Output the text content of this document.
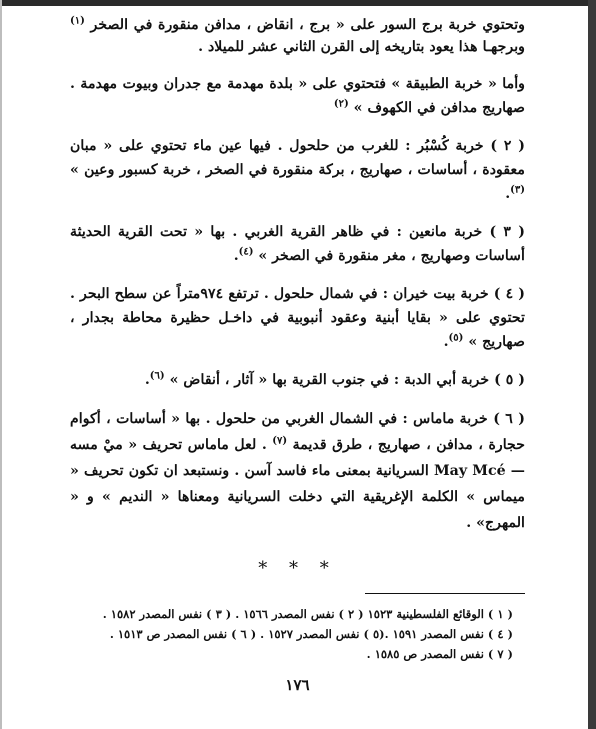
وتحتوي خربة برج السور على « برج ، انقاض ، مدافن منقورة في الصخر $^{(١)}$ وبرجهـا هذا يعود بتاريخه إلى القرن الثاني عشر للميلاد .

وأما « خربة الطبيقة » فتحتوي على « بلدة مهدمة مع جدران وبيوت مهدمة . صهاريج مدافن في الكهوف » $^{(٢)}$

( ٢ ) خربة كُسْبُر : للغرب من حلحول . فيها عين ماء تحتوي على « مبان معقودة ، أساسات ، صهاريج ، بركة منقورة في الصخر ، خربة كسبور وعين » $^{(٣)}$.

( ٣ ) خربة مانعين : في ظاهر القرية الغربي . بها « تحت القرية الحديثة أساسات وصهاريج ، مغر منقورة في الصخر » $^{(٤)}$.

( ٤ ) خربة بيت خيران : في شمال حلحول . ترتفع ٩٧٤متراً عن سطح البحر . تحتوي على « بقايا أبنية وعقود أنبوبية في داخـل حظيرة محاطة بجدار ، صهاريج » $^{(٥)}$.

( ٥ ) خربة أبي الدبة : في جنوب القرية بها « آثار ، أنقاض » $^{(٦)}$.

( ٦ ) خربة ماماس : في الشمال الغربي من حلحول . بها « أساسات ، أكوام حجارة ، مدافن ، صهاريج ، طرق قديمة $^{(٧)}$ . لعل ماماس تحريف « ميْ مسه — May Mcé السريانية بمعنى ماء فاسد آسن . ونستبعد ان تكون تحريف « ميماس » الكلمة الإغريقية التي دخلت السريانية ومعناها « النديم » و « المهرج» .

* * *
( ١ ) الوقائع الفلسطينية ١٥٢٣ ( ٢ ) نفس المصدر ١٥٦٦ . ( ٣ ) نفس المصدر ١٥٨٢ .
( ٤ ) نفس المصدر ١٥٩١ .(٥ ) نفس المصدر ١٥٢٧ . ( ٦ ) نفس المصدر ص ١٥١٣ .
( ٧ ) نفس المصدر ص ١٥٨٥ .
١٧٦
